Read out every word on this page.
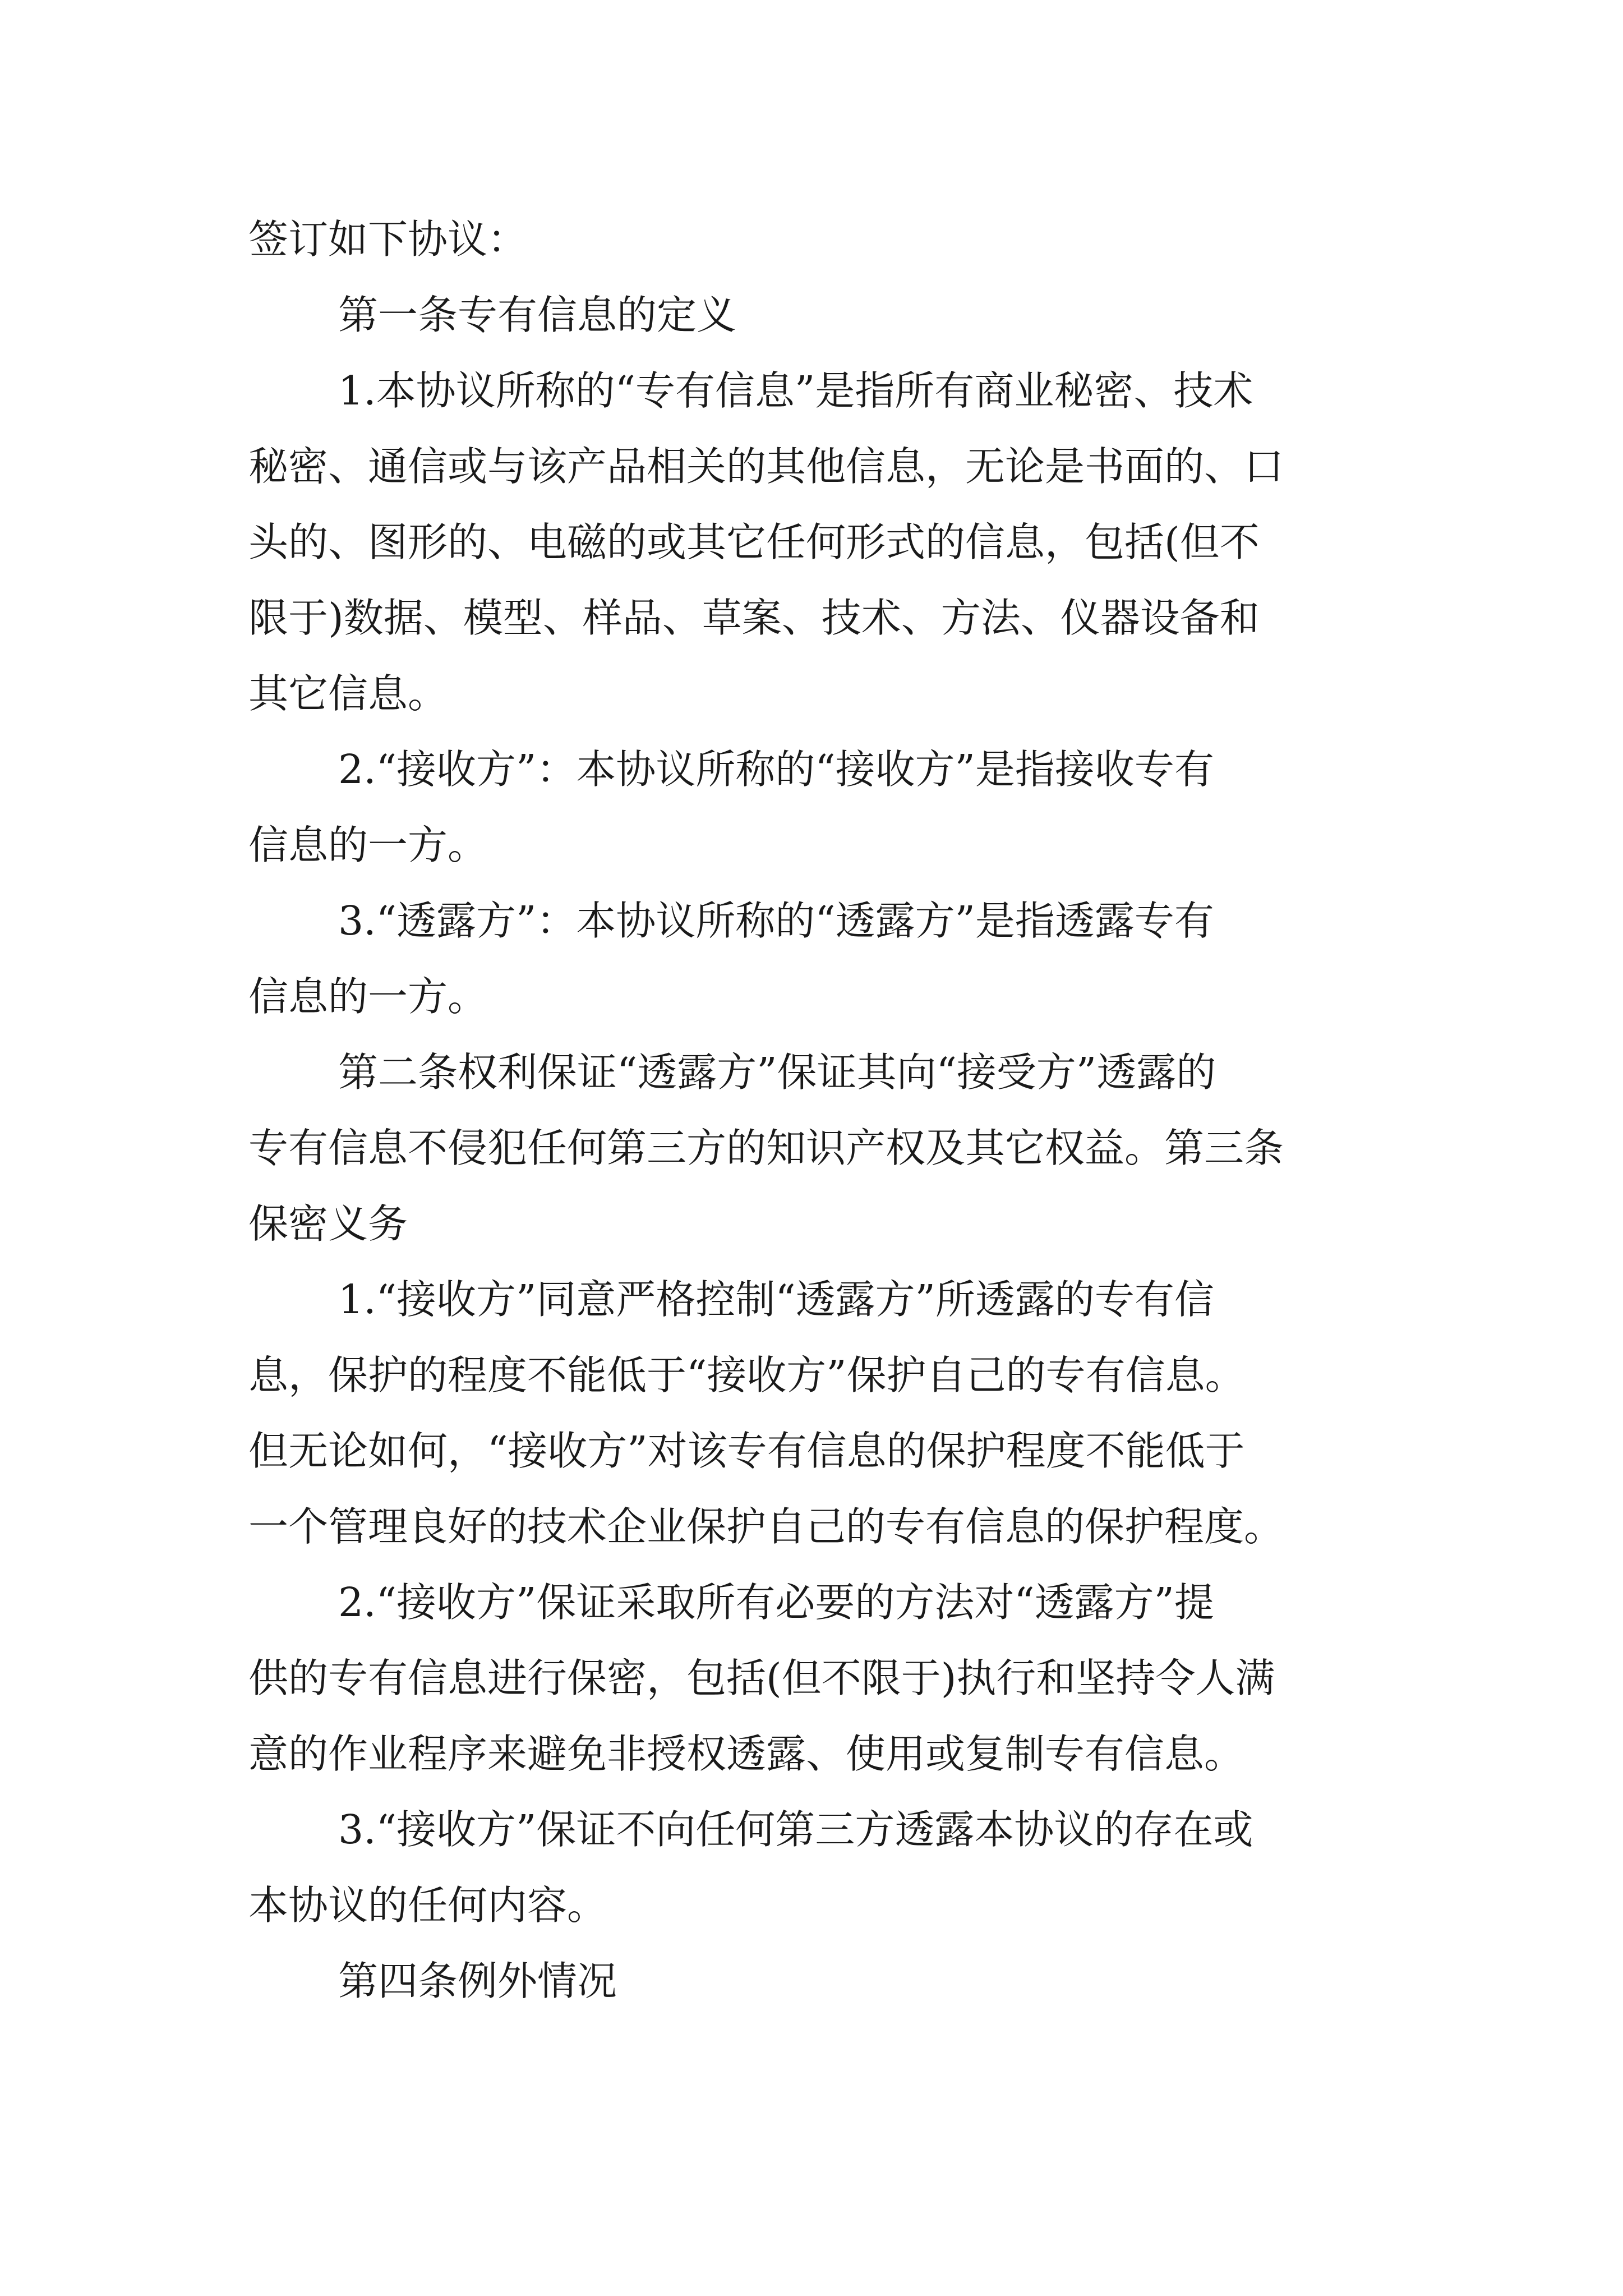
签订如下协议：
第一条专有信息的定义
1.本协议所称的“专有信息”是指所有商业秘密、技术
秘密、通信或与该产品相关的其他信息，无论是书面的、口
头的、图形的、电磁的或其它任何形式的信息，包括(但不
限于)数据、模型、样品、草案、技术、方法、仪器设备和
其它信息。
2.“接收方”：本协议所称的“接收方”是指接收专有
信息的一方。
3.“透露方”：本协议所称的“透露方”是指透露专有
信息的一方。
第二条权利保证“透露方”保证其向“接受方”透露的
专有信息不侵犯任何第三方的知识产权及其它权益。第三条
保密义务
1.“接收方”同意严格控制“透露方”所透露的专有信
息，保护的程度不能低于“接收方”保护自己的专有信息。
但无论如何，“接收方”对该专有信息的保护程度不能低于
一个管理良好的技术企业保护自己的专有信息的保护程度。
2.“接收方”保证采取所有必要的方法对“透露方”提
供的专有信息进行保密，包括(但不限于)执行和坚持令人满
意的作业程序来避免非授权透露、使用或复制专有信息。
3.“接收方”保证不向任何第三方透露本协议的存在或
本协议的任何内容。
第四条例外情况
